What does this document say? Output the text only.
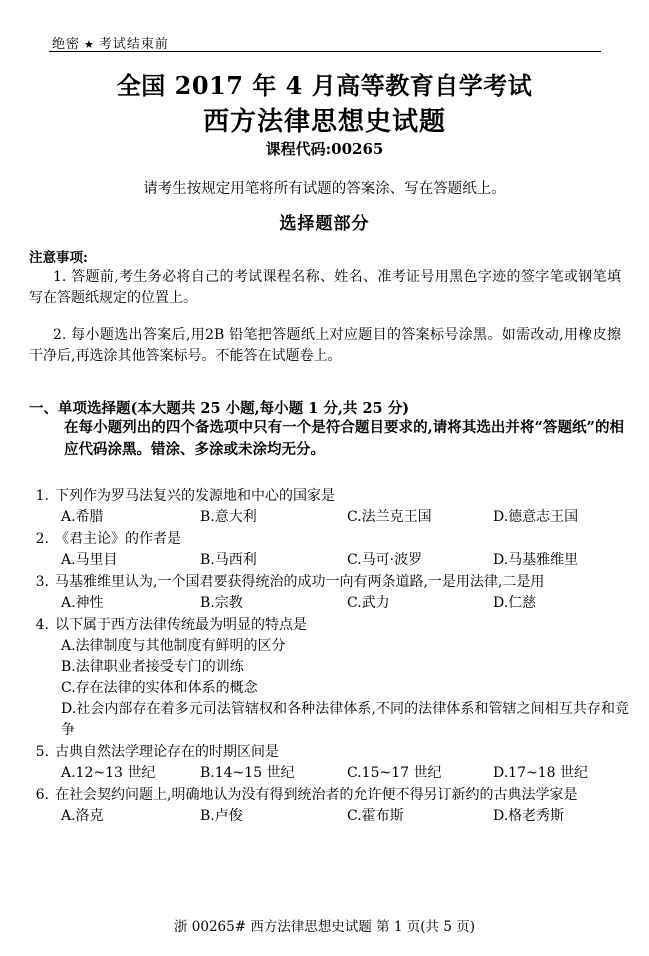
绝密 ★ 考试结束前
全国 2017 年 4 月高等教育自学考试
西方法律思想史试题
课程代码:00265
请考生按规定用笔将所有试题的答案涂、写在答题纸上。
选择题部分
注意事项:
1. 答题前,考生务必将自己的考试课程名称、姓名、准考证号用黑色字迹的签字笔或钢笔填写在答题纸规定的位置上。
2. 每小题选出答案后,用2B 铅笔把答题纸上对应题目的答案标号涂黑。如需改动,用橡皮擦干净后,再选涂其他答案标号。不能答在试题卷上。
一、单项选择题(本大题共 25 小题,每小题 1 分,共 25 分)
在每小题列出的四个备选项中只有一个是符合题目要求的,请将其选出并将“答题纸”的相应代码涂黑。错涂、多涂或未涂均无分。
1. 下列作为罗马法复兴的发源地和中心的国家是
A.希腊	B.意大利	C.法兰克王国	D.德意志王国
2. 《君主论》的作者是
A.马里目	B.马西利	C.马可·波罗	D.马基雅维里
3. 马基雅维里认为,一个国君要获得统治的成功一向有两条道路,一是用法律,二是用
A.神性	B.宗教	C.武力	D.仁慈
4. 以下属于西方法律传统最为明显的特点是
A.法律制度与其他制度有鲜明的区分
B.法律职业者接受专门的训练
C.存在法律的实体和体系的概念
D.社会内部存在着多元司法管辖权和各种法律体系,不同的法律体系和管辖之间相互共存和竞争
5. 古典自然法学理论存在的时期区间是
A.12~13 世纪	B.14~15 世纪	C.15~17 世纪	D.17~18 世纪
6. 在社会契约问题上,明确地认为没有得到统治者的允许便不得另订新约的古典法学家是
A.洛克	B.卢俊	C.霍布斯	D.格老秀斯
浙 00265# 西方法律思想史试题 第 1 页(共 5 页)
